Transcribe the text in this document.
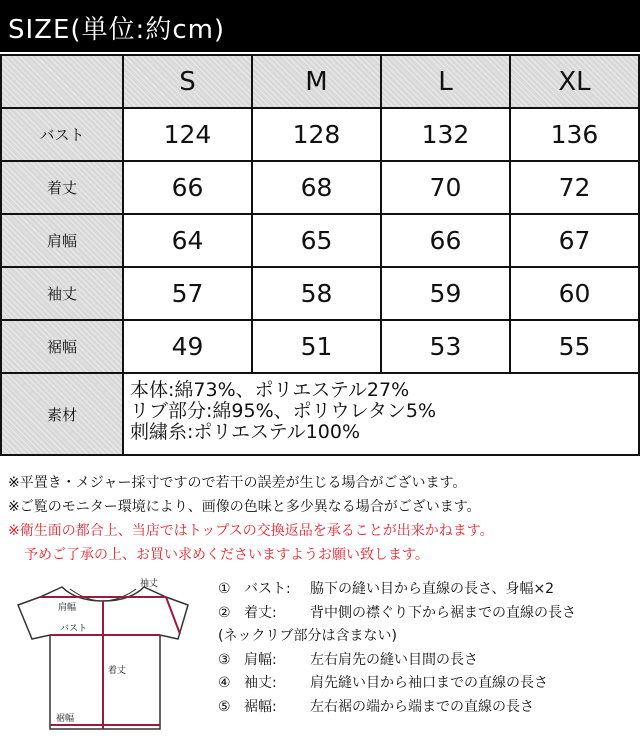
SIZE(単位:約cm)
	S	M	L	XL
バスト	124	128	132	136
着丈	66	68	70	72
肩幅	64	65	66	67
袖丈	57	58	59	60
裾幅	49	51	53	55
素材	本体:綿73%、ポリエステル27%
リブ部分:綿95%、ポリウレタン5%
刺繍糸:ポリエステル100%			
※平置き・メジャー採寸ですので若干の誤差が生じる場合がございます。
※ご覧のモニター環境により、画像の色味と多少異なる場合がございます。
※衛生面の都合上、当店ではトップスの交換返品を承ることが出来かねます。
予めご了承の上、お買い求めくださいますようお願い致します。
袖丈
肩幅
バスト
着丈
裾幅
① バスト: 脇下の縫い目から直線の長さ、身幅×2
② 着丈: 背中側の襟ぐり下から裾までの直線の長さ
(ネックリブ部分は含まない)
③ 肩幅: 左右肩先の縫い目間の長さ
④ 袖丈: 肩先縫い目から袖口までの直線の長さ
⑤ 裾幅: 左右裾の端から端までの直線の長さ
